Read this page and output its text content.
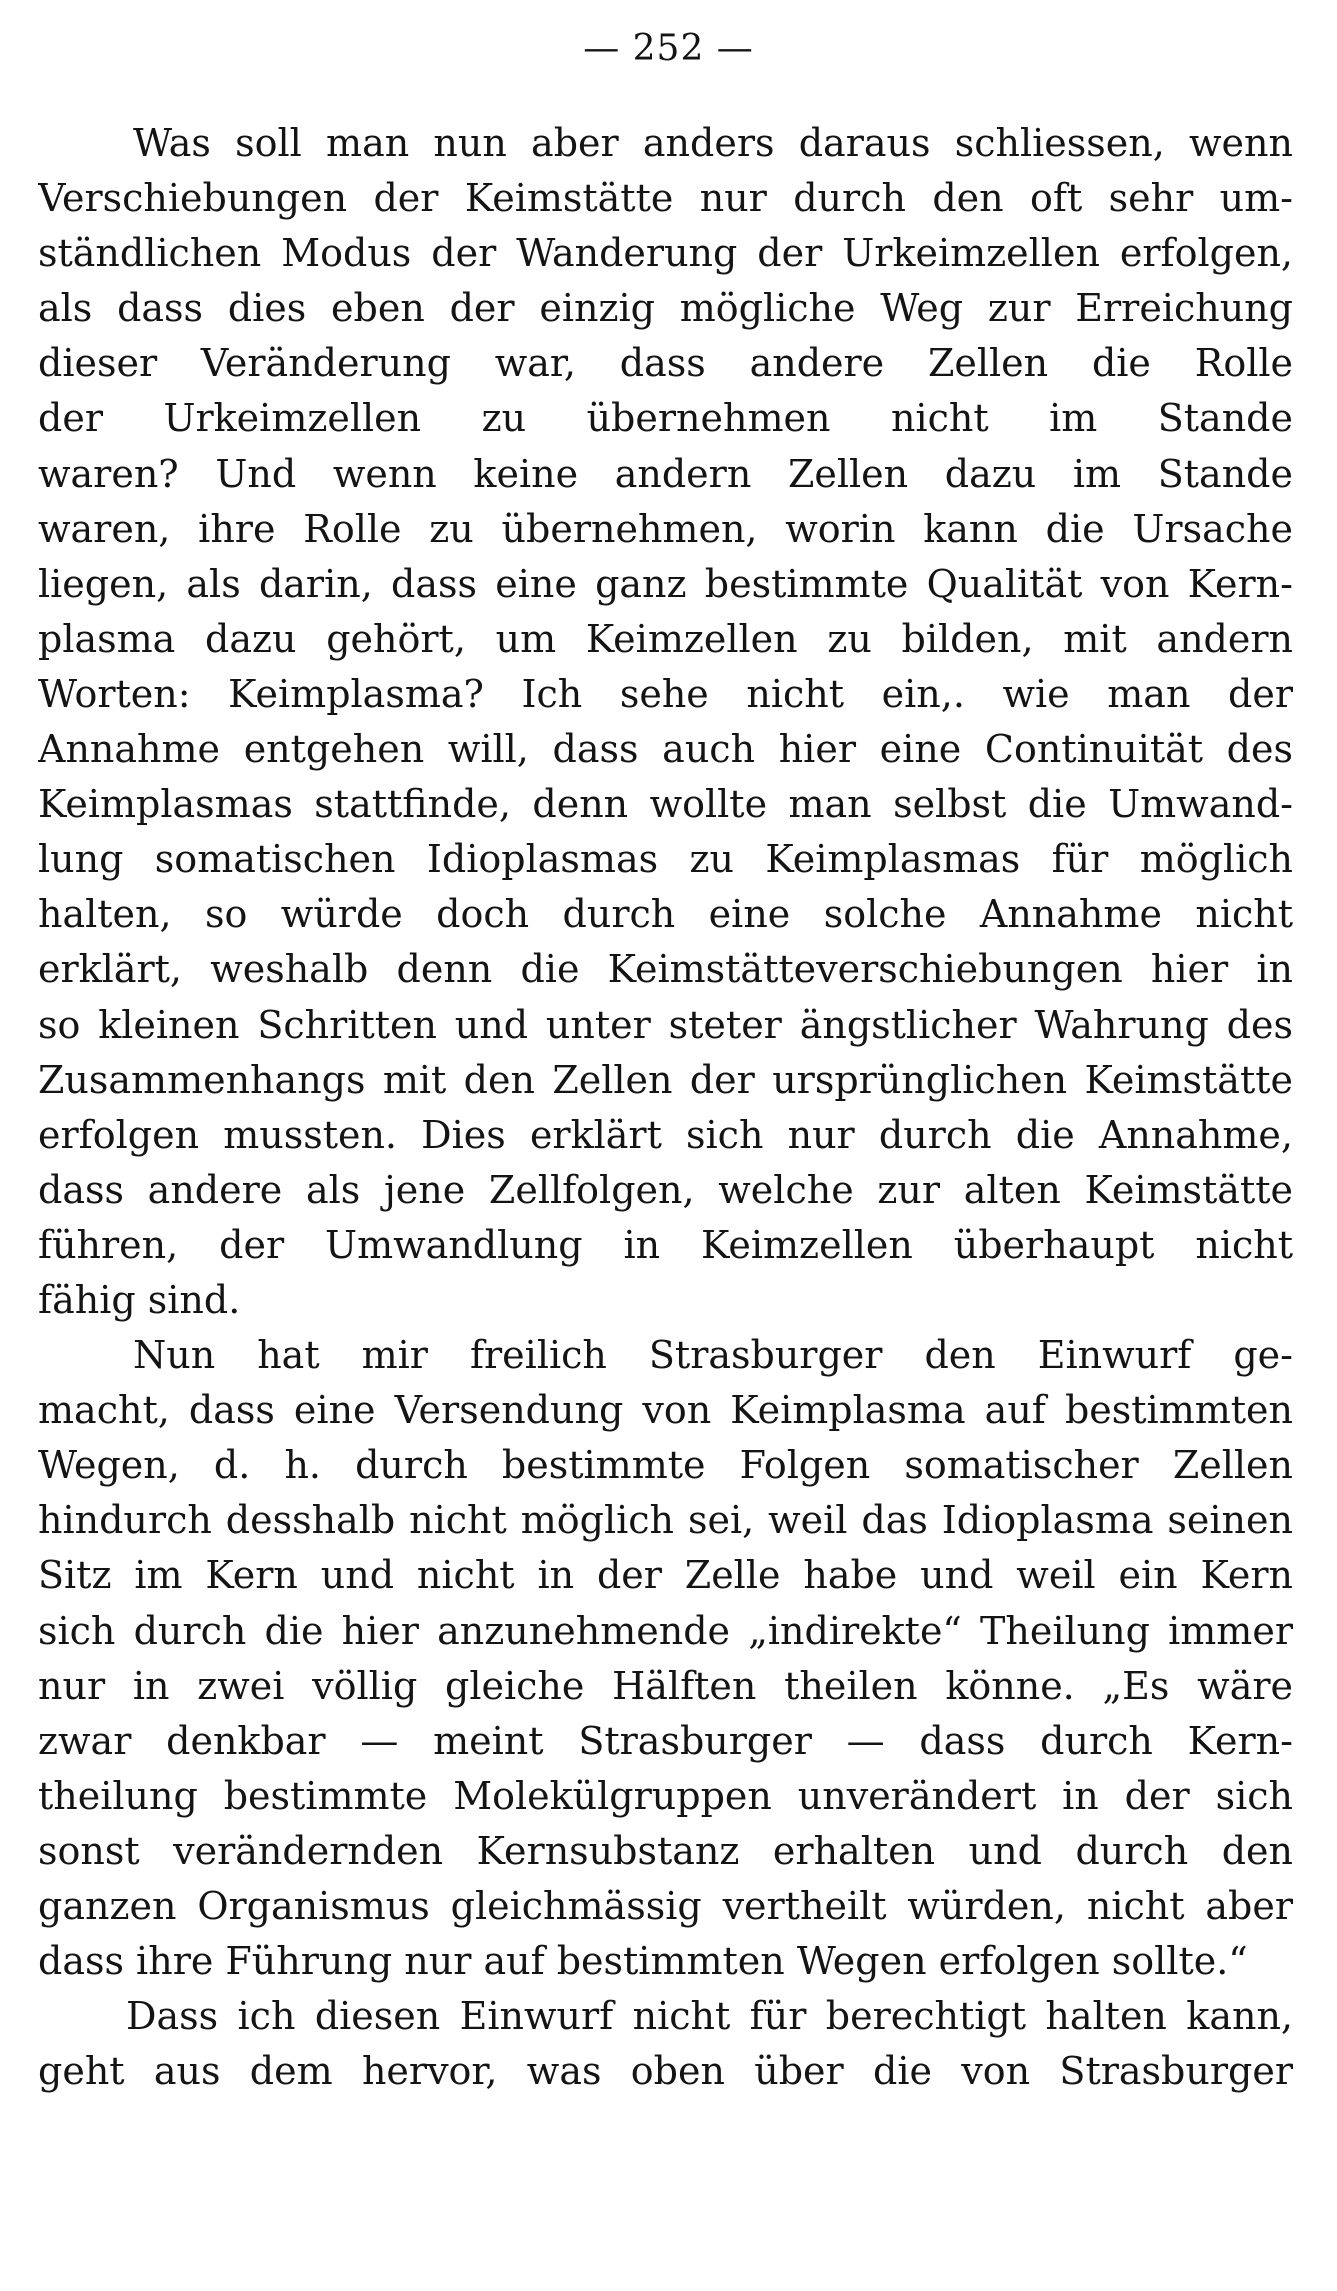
— 252 —
Was soll man nun aber anders daraus schliessen, wenn
Verschiebungen der Keimstätte nur durch den oft sehr um-
ständlichen Modus der Wanderung der Urkeimzellen erfolgen,
als dass dies eben der einzig mögliche Weg zur Erreichung
dieser Veränderung war, dass andere Zellen die Rolle
der Urkeimzellen zu übernehmen nicht im Stande
waren? Und wenn keine andern Zellen dazu im Stande
waren, ihre Rolle zu übernehmen, worin kann die Ursache
liegen, als darin, dass eine ganz bestimmte Qualität von Kern-
plasma dazu gehört, um Keimzellen zu bilden, mit andern
Worten: Keimplasma? Ich sehe nicht ein,. wie man der
Annahme entgehen will, dass auch hier eine Continuität des
Keimplasmas stattfinde, denn wollte man selbst die Umwand-
lung somatischen Idioplasmas zu Keimplasmas für möglich
halten, so würde doch durch eine solche Annahme nicht
erklärt, weshalb denn die Keimstätteverschiebungen hier in
so kleinen Schritten und unter steter ängstlicher Wahrung des
Zusammenhangs mit den Zellen der ursprünglichen Keimstätte
erfolgen mussten. Dies erklärt sich nur durch die Annahme,
dass andere als jene Zellfolgen, welche zur alten Keimstätte
führen, der Umwandlung in Keimzellen überhaupt nicht
fähig sind.
Nun hat mir freilich Strasburger den Einwurf ge-
macht, dass eine Versendung von Keimplasma auf bestimmten
Wegen, d. h. durch bestimmte Folgen somatischer Zellen
hindurch desshalb nicht möglich sei, weil das Idioplasma seinen
Sitz im Kern und nicht in der Zelle habe und weil ein Kern
sich durch die hier anzunehmende „indirekte“ Theilung immer
nur in zwei völlig gleiche Hälften theilen könne. „Es wäre
zwar denkbar — meint Strasburger — dass durch Kern-
theilung bestimmte Molekülgruppen unverändert in der sich
sonst verändernden Kernsubstanz erhalten und durch den
ganzen Organismus gleichmässig vertheilt würden, nicht aber
dass ihre Führung nur auf bestimmten Wegen erfolgen sollte.“
Dass ich diesen Einwurf nicht für berechtigt halten kann,
geht aus dem hervor, was oben über die von Strasburger
